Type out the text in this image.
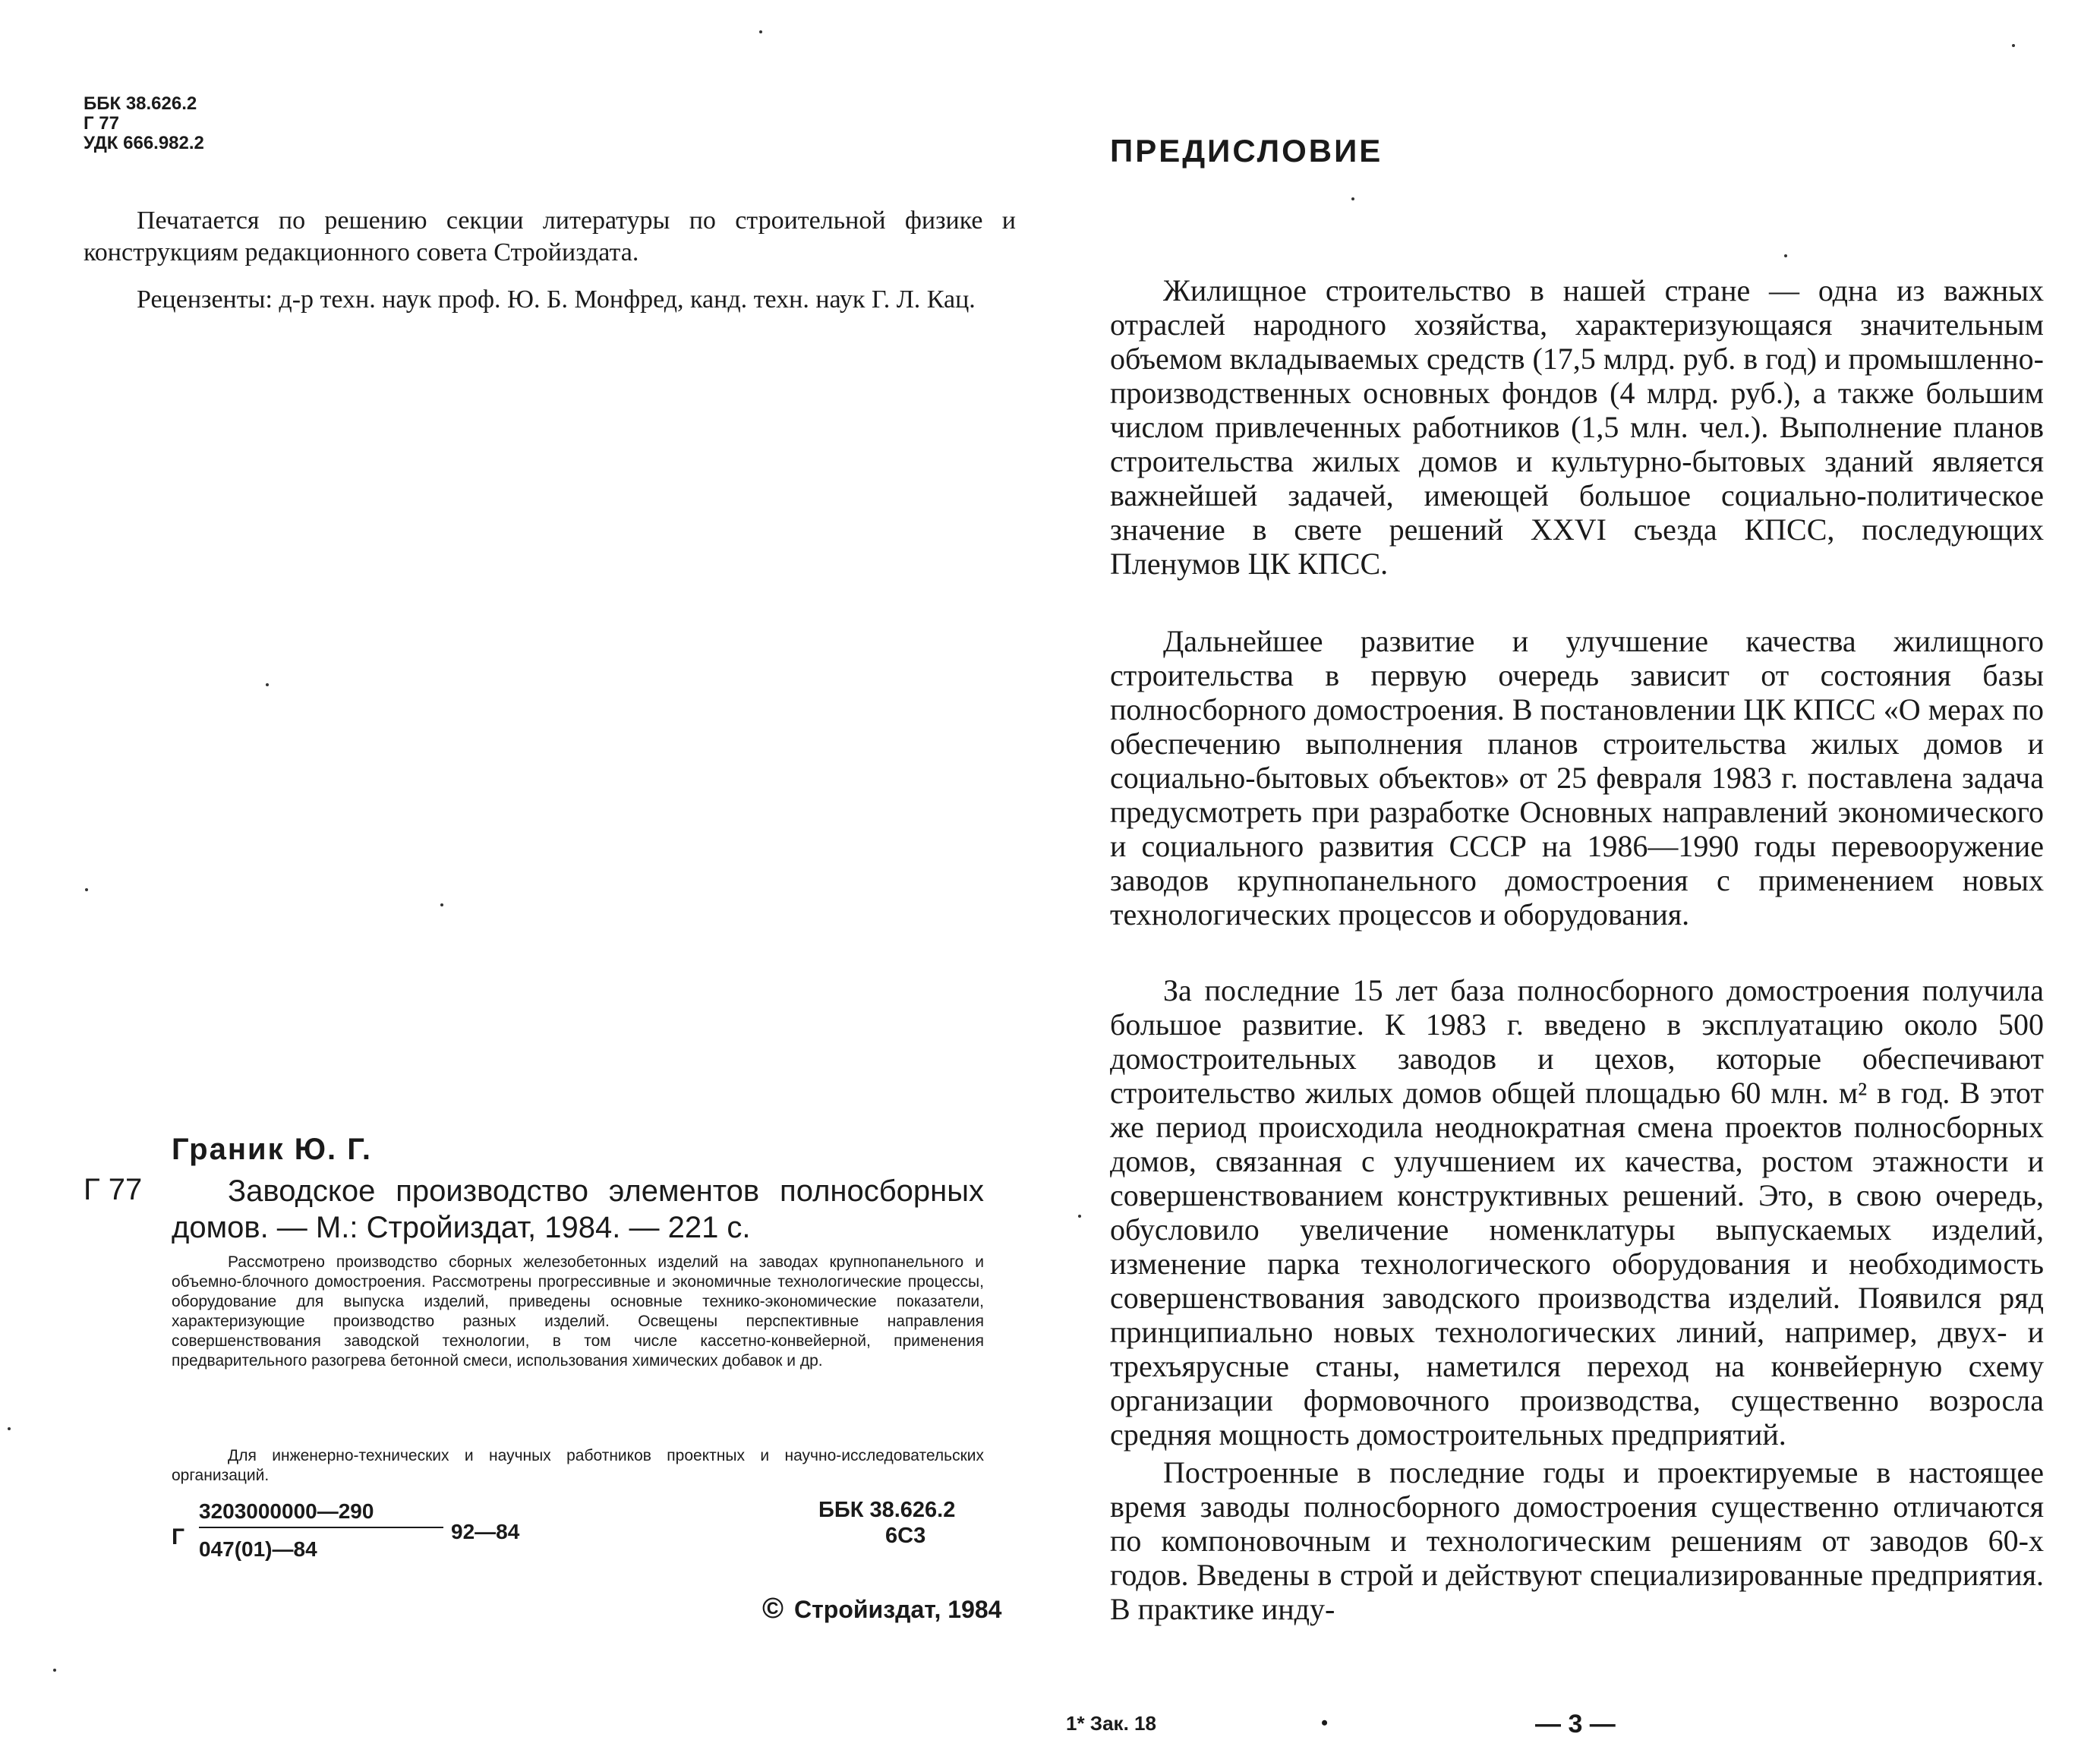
ББК 38.626.2
Г 77
УДК 666.982.2

Печатается по решению секции литературы по строительной физике и конструкциям редакционного совета Стройиздата.

Рецензенты: д-р техн. наук проф. Ю. Б. Монфред, канд. техн. наук Г. Л. Кац.

Граник Ю. Г.
Г 77	Заводское производство элементов полносборных домов. — М.: Стройиздат, 1984. — 221 с.

Рассмотрено производство сборных железобетонных изделий на заводах крупнопанельного и объемно-блочного домостроения. Рассмотрены прогрессивные и экономичные технологические процессы, оборудование для выпуска изделий, приведены основные технико-экономические показатели, характеризующие производство разных изделий. Освещены перспективные направления совершенствования заводской технологии, в том числе кассетно-конвейерной, применения предварительного разогрева бетонной смеси, использования химических добавок и др.

Для инженерно-технических и научных работников проектных и научно-исследовательских организаций.

Г
3203000000—290
047(01)—84
92—84
ББК 38.626.2
6С3
© Стройиздат, 1984
ПРЕДИСЛОВИЕ

Жилищное строительство в нашей стране — одна из важных отраслей народного хозяйства, характеризующаяся значительным объемом вкладываемых средств (17,5 млрд. руб. в год) и промышленно-производственных основных фондов (4 млрд. руб.), а также большим числом привлеченных работников (1,5 млн. чел.). Выполнение планов строительства жилых домов и культурно-бытовых зданий является важнейшей задачей, имеющей большое социально-политическое значение в свете решений XXVI съезда КПСС, последующих Пленумов ЦК КПСС.

Дальнейшее развитие и улучшение качества жилищного строительства в первую очередь зависит от состояния базы полносборного домостроения. В постановлении ЦК КПСС «О мерах по обеспечению выполнения планов строительства жилых домов и социально-бытовых объектов» от 25 февраля 1983 г. поставлена задача предусмотреть при разработке Основных направлений экономического и социального развития СССР на 1986—1990 годы перевооружение заводов крупнопанельного домостроения с применением новых технологических процессов и оборудования.

За последние 15 лет база полносборного домостроения получила большое развитие. К 1983 г. введено в эксплуатацию около 500 домостроительных заводов и цехов, которые обеспечивают строительство жилых домов общей площадью 60 млн. м² в год. В этот же период происходила неоднократная смена проектов полносборных домов, связанная с улучшением их качества, ростом этажности и совершенствованием конструктивных решений. Это, в свою очередь, обусловило увеличение номенклатуры выпускаемых изделий, изменение парка технологического оборудования и необходимость совершенствования заводского производства изделий. Появился ряд принципиально новых технологических линий, например, двух- и трехъярусные станы, наметился переход на конвейерную схему организации формовочного производства, существенно возросла средняя мощность домостроительных предприятий.

Построенные в последние годы и проектируемые в настоящее время заводы полносборного домостроения существенно отличаются по компоновочным и технологическим решениям от заводов 60-х годов. Введены в строй и действуют специализированные предприятия. В практике инду-

1* Зак. 18	•	— 3 —
